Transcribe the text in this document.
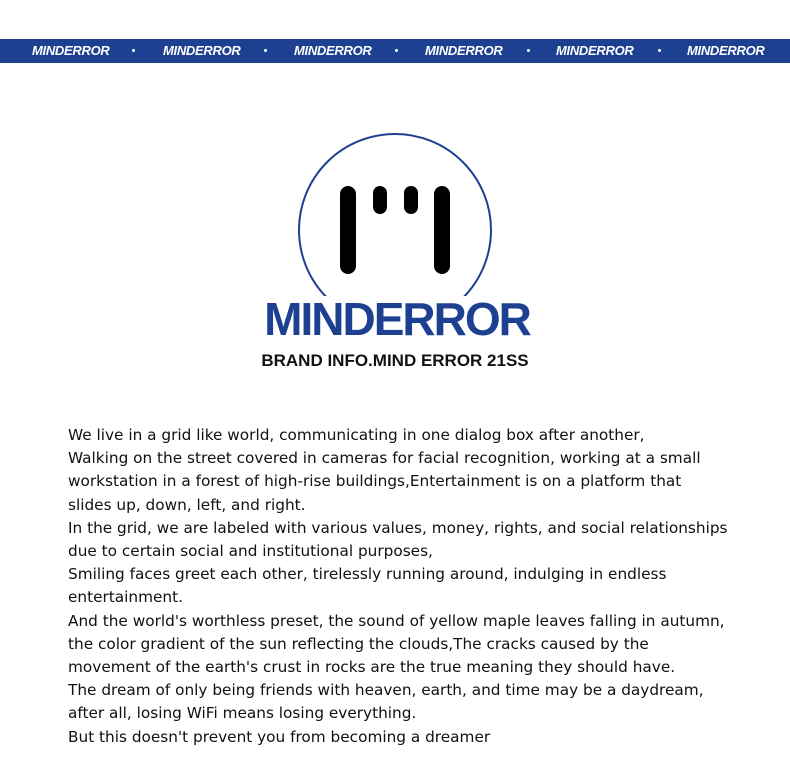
MINDERROR	MINDERROR	MINDERROR	MINDERROR	MINDERROR	MINDERROR
MINDERROR
BRAND INFO.MIND ERROR 21SS

We live in a grid like world, communicating in one dialog box after another,

Walking on the street covered in cameras for facial recognition, working at a small workstation in a forest of high-rise buildings,Entertainment is on a platform that slides up, down, left, and right.

In the grid, we are labeled with various values, money, rights, and social relationships due to certain social and institutional purposes,

Smiling faces greet each other, tirelessly running around, indulging in endless entertainment.

And the world's worthless preset, the sound of yellow maple leaves falling in autumn, the color gradient of the sun reflecting the clouds,The cracks caused by the movement of the earth's crust in rocks are the true meaning they should have.

The dream of only being friends with heaven, earth, and time may be a daydream, after all, losing WiFi means losing everything.

But this doesn't prevent you from becoming a dreamer
